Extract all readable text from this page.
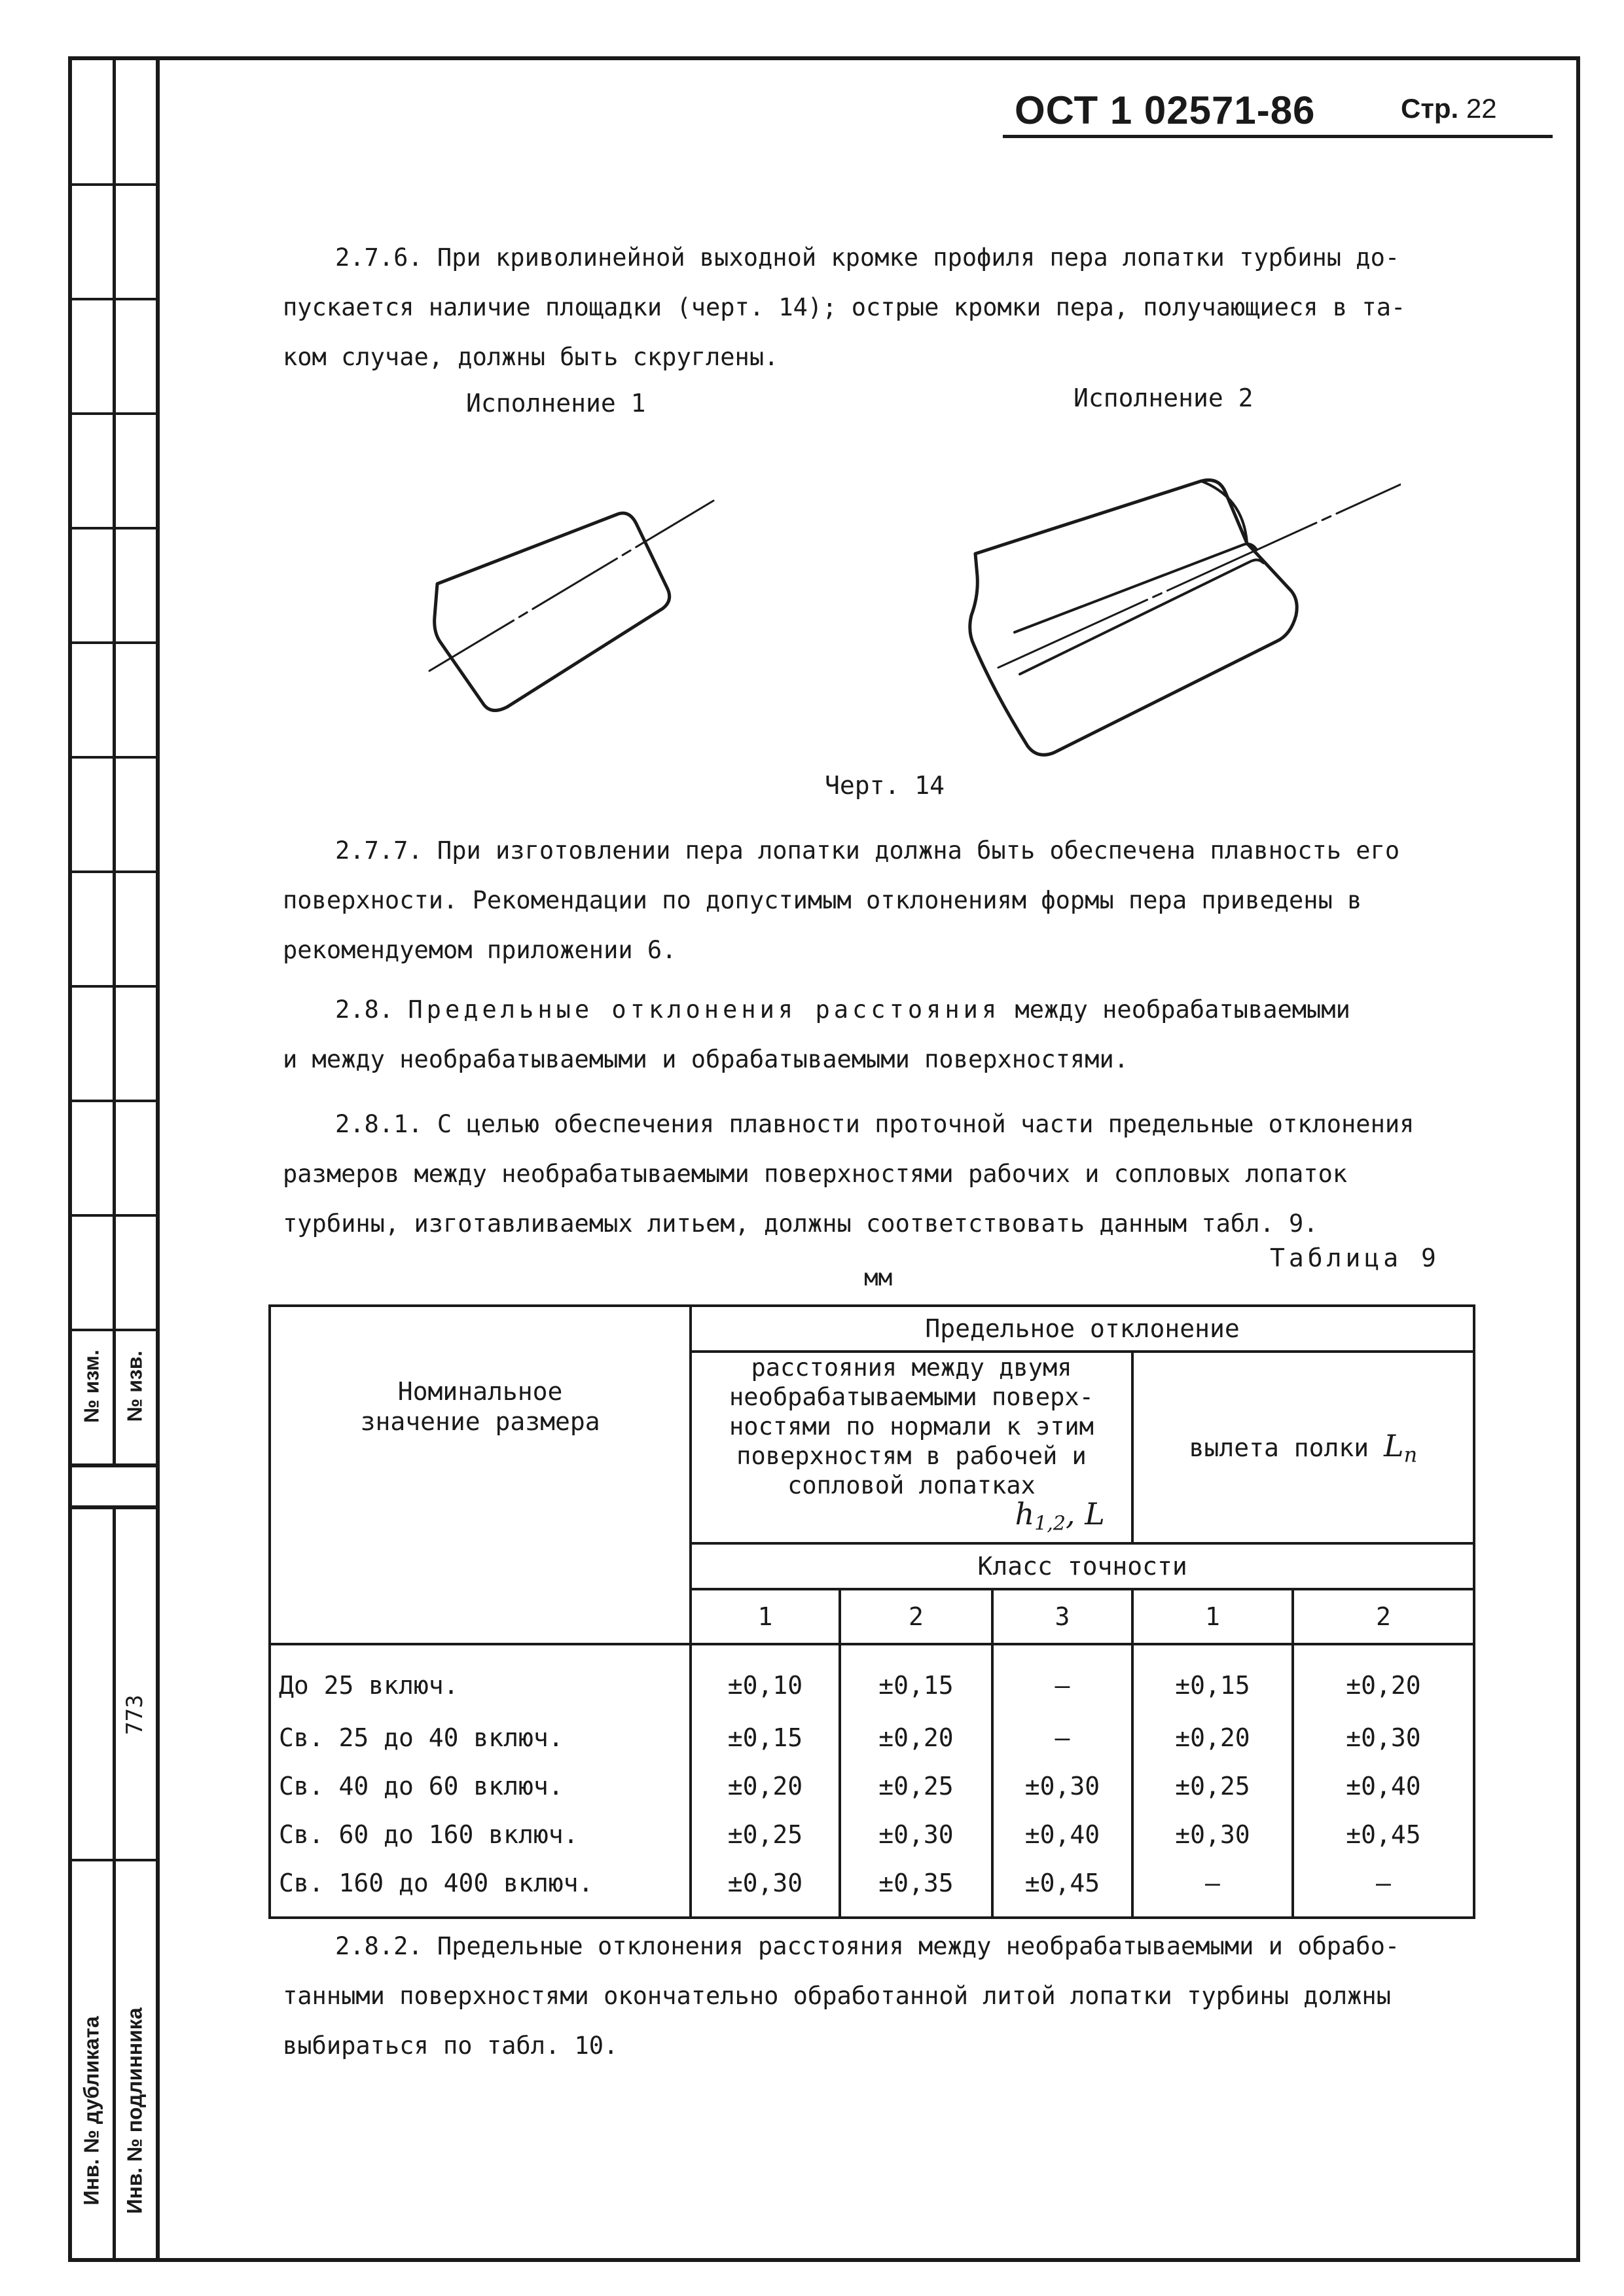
№ изм. № изв.
773
Инв. № дубликата Инв. № подлинника
ОСТ 1 02571-86	Стр. 22
2.7.6. При криволинейной выходной кромке профиля пера лопатки турбины до-
пускается наличие площадки (черт. 14); острые кромки пера, получающиеся в та-
ком случае, должны быть скруглены.
Исполнение 1	Исполнение 2
Черт. 14
2.7.7. При изготовлении пера лопатки должна быть обеспечена плавность его
поверхности. Рекомендации по допустимым отклонениям формы пера приведены в
рекомендуемом приложении 6.
2.8. Предельные отклонения расстояния между необрабатываемыми
и между необрабатываемыми и обрабатываемыми поверхностями.
2.8.1. С целью обеспечения плавности проточной части предельные отклонения
размеров между необрабатываемыми поверхностями рабочих и сопловых лопаток
турбины, изготавливаемых литьем, должны соответствовать данным табл. 9.
Таблица 9
мм
Номинальное значение размера	Предельное отклонение				

	расстояния между двумя необрабатываемыми поверх- ностями по нормали к этим поверхностям в рабочей и сопловой лопатках
$h_{1,2}$, L			вылета полки $L_п$
	Класс точности				
	1	2	3	1	2
До 25 включ.	±0,10	±0,15	–	±0,15	±0,20
Св. 25 до 40 включ.	±0,15	±0,20	–	±0,20	±0,30
Св. 40 до 60 включ.	±0,20	±0,25	±0,30	±0,25	±0,40
Св. 60 до 160 включ.	±0,25	±0,30	±0,40	±0,30	±0,45
Св. 160 до 400 включ.	±0,30	±0,35	±0,45	–	–
2.8.2. Предельные отклонения расстояния между необрабатываемыми и обрабо-
танными поверхностями окончательно обработанной литой лопатки турбины должны
выбираться по табл. 10.
